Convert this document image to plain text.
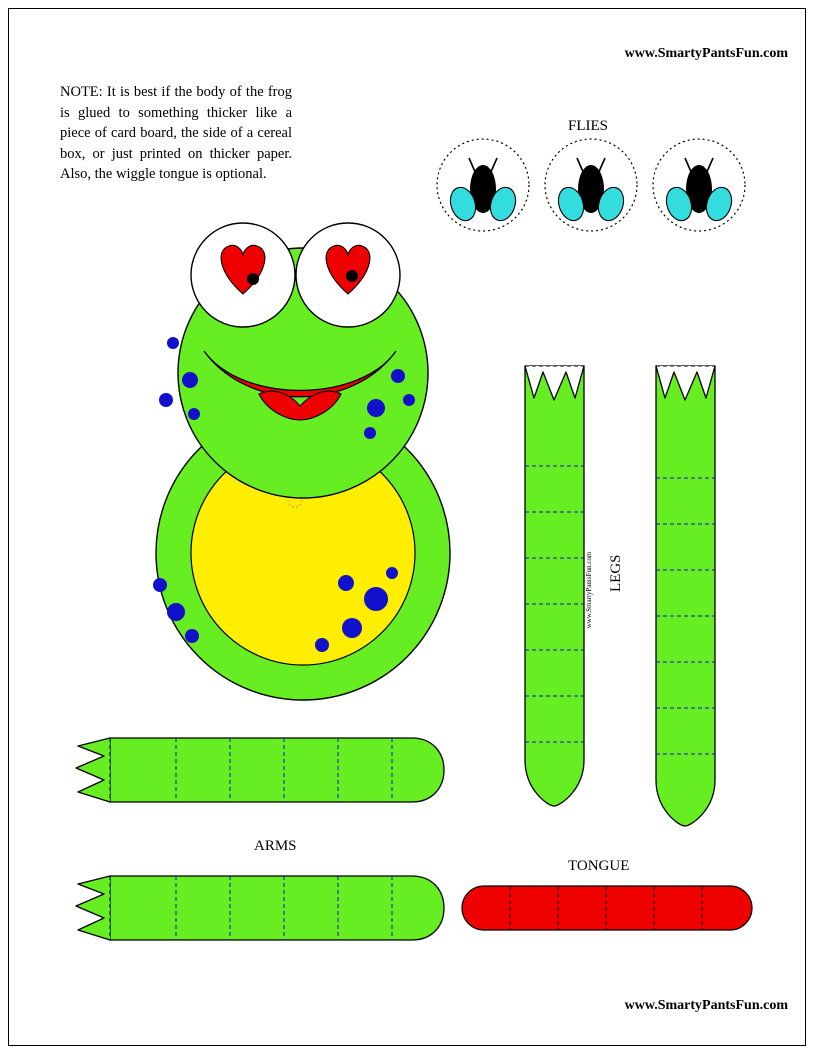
www.SmartyPantsFun.com
www.SmartyPantsFun.com
NOTE: It is best if the body of the frog is glued to something thicker like a piece of card board, the side of a cereal box, or just printed on thicker paper. Also, the wiggle tongue is optional.
FLIES
ARMS
TONGUE
LEGS
www.SmartyPantsFun.com
